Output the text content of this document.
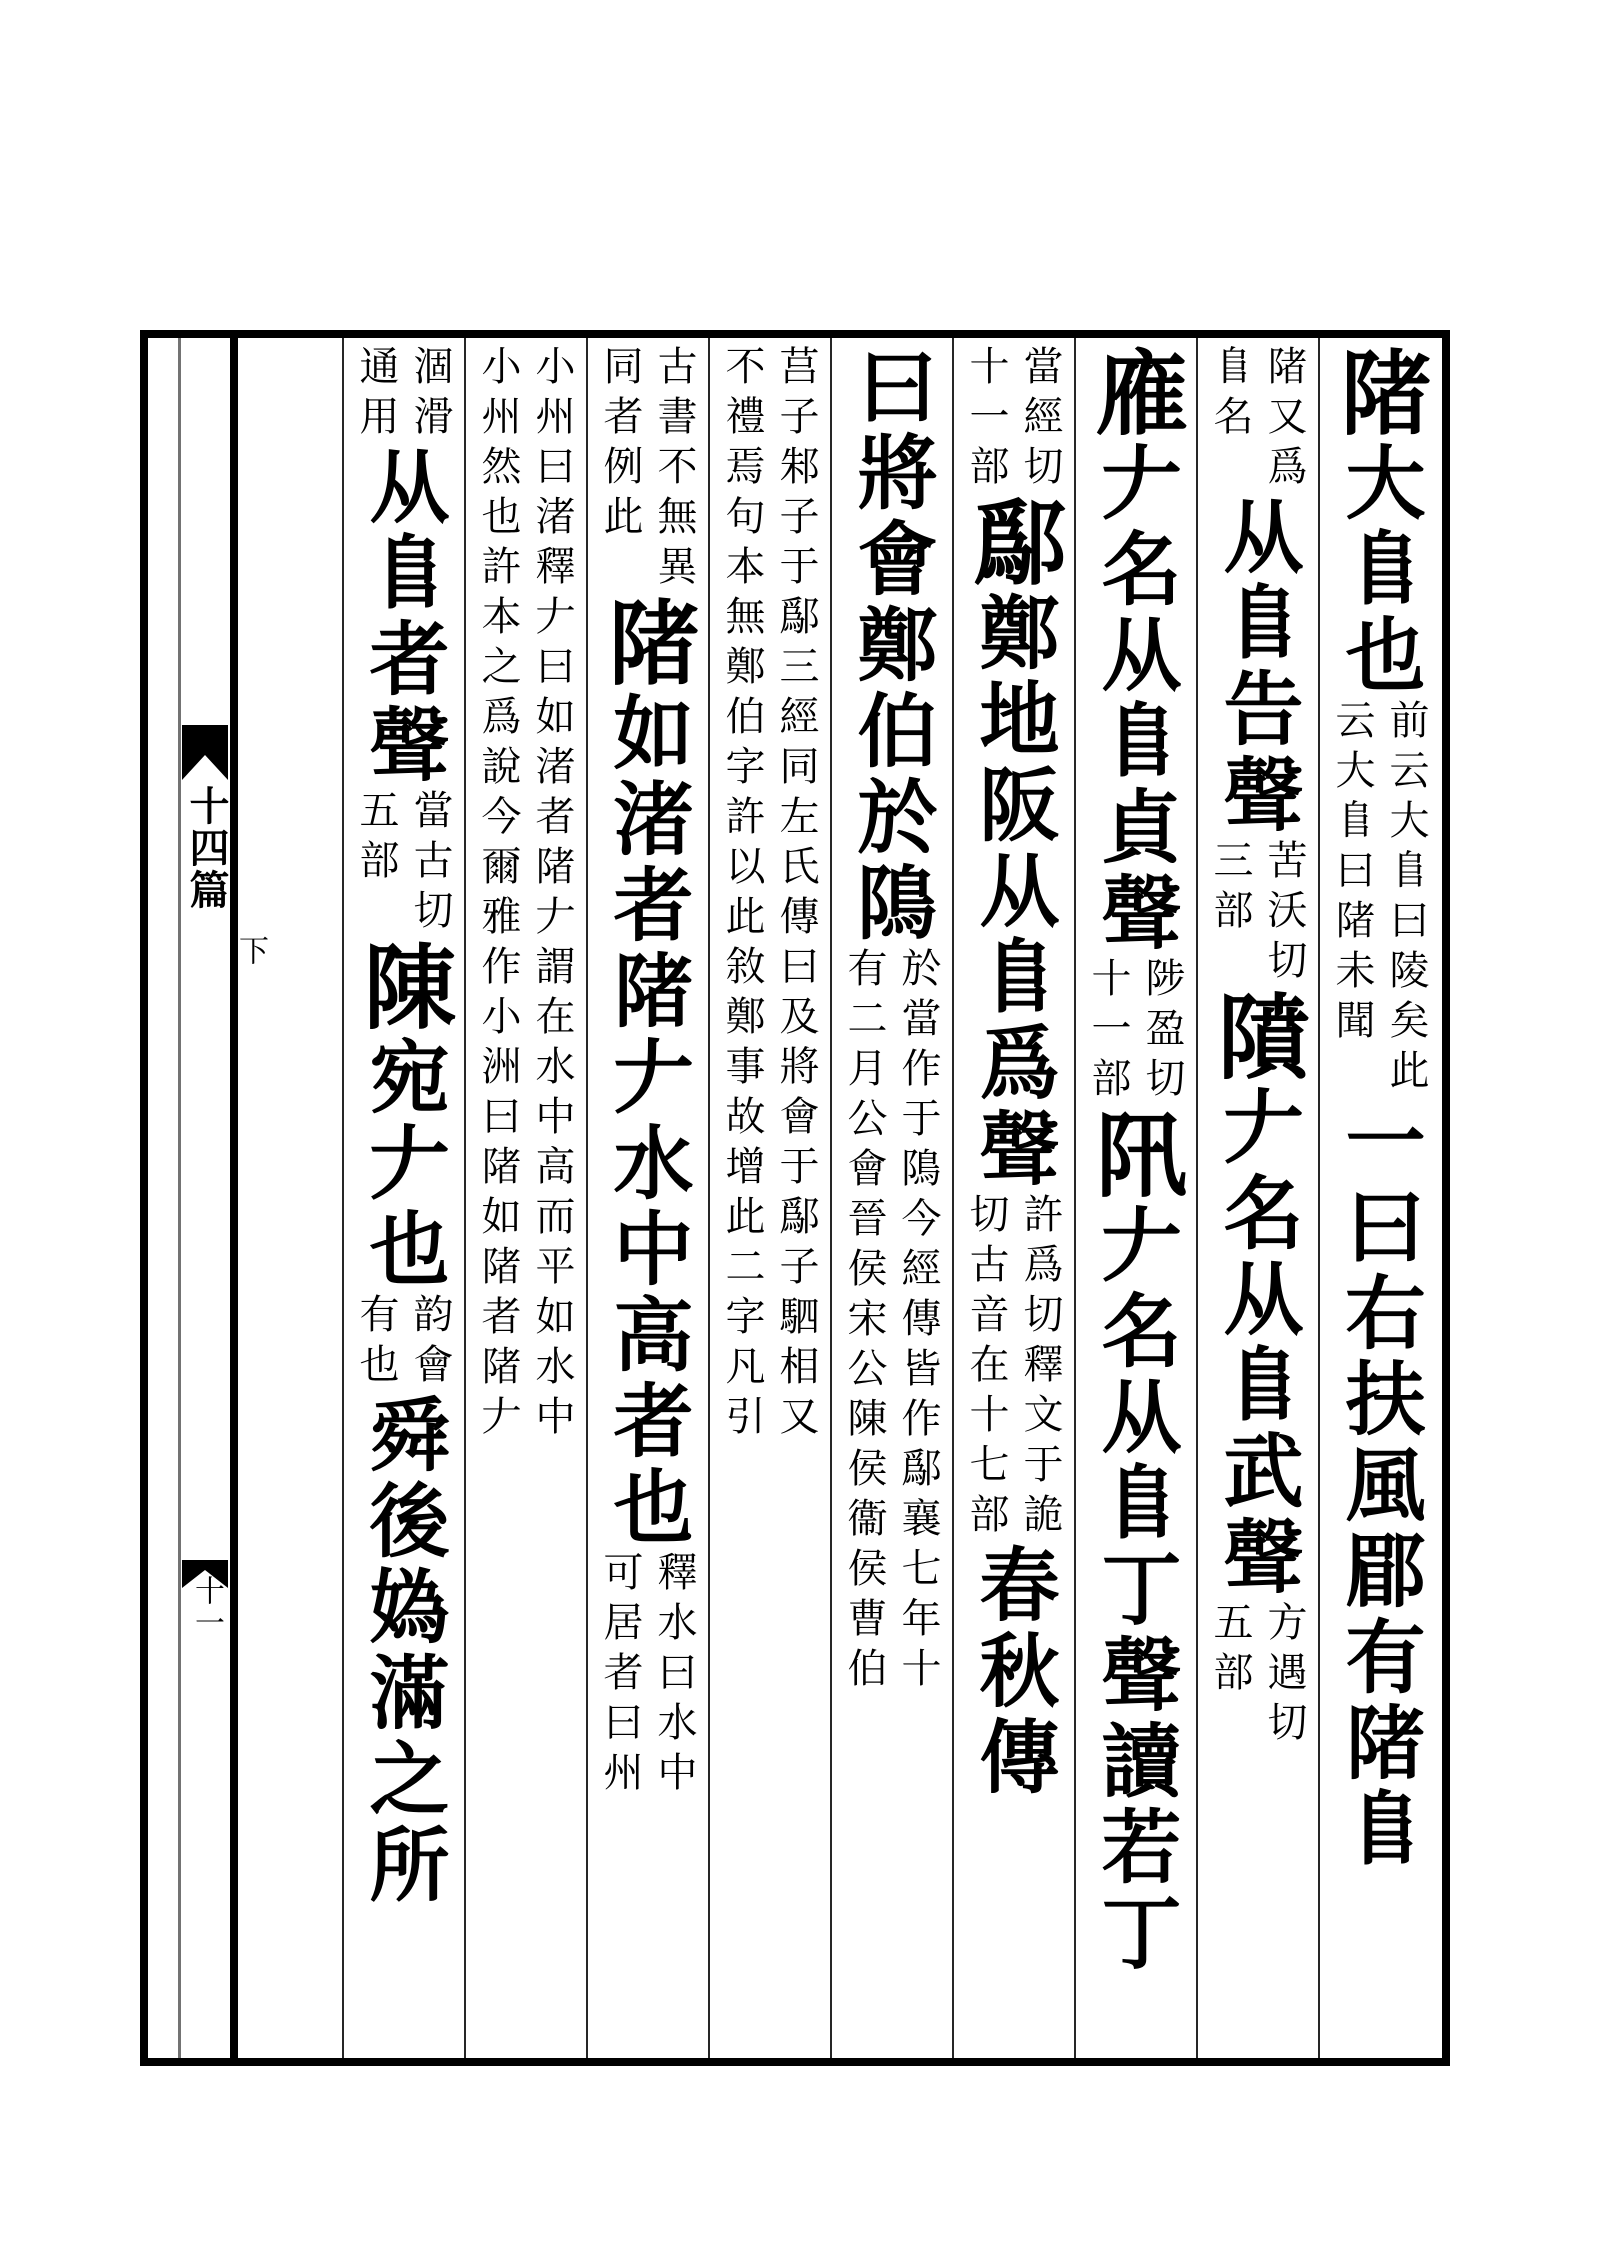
十四篇
下
十一
陼
大𨸏也
前云大𨸏曰陵矣此
云大𨸏曰陼未聞
一曰右扶風郿有陼𨸏
陼又爲
𨸏名
从𨸏告聲
苦沃切
三部
隫
𠂇名从𨸏武聲
方遇切
五部
䧹
𠂇名从𨸏貞聲
陟盈切
十一部
阠
𠂇名从𨸏丁聲讀若丁
當經切
十一部
鄬
鄭地阪从𨸏爲聲
許爲切釋文于詭
切古音在十七部
春秋傳
曰將會鄭伯於隝
於當作于隝今經傳皆作鄬襄七年十
有二月公會晉侯宋公陳侯衞侯曹伯
莒子邾子于鄬三經同左氏傳曰及將會于鄬子駟相又
不禮焉句本無鄭伯字許以此敘鄭事故增此二字凡引
古書不無異
同者例此
陼
如渚者陼𠂇水中高者也
釋水曰水中
可居者曰州
小州曰渚釋𠂇曰如渚者陼𠂇謂在水中高而平如水中
小州然也許本之爲說今爾雅作小洲曰陼如陼者陼𠂇
涸滑
通用
从𨸏者聲
當古切
五部
陳
宛𠂇也
韵會
有也
舜後媯滿之所
